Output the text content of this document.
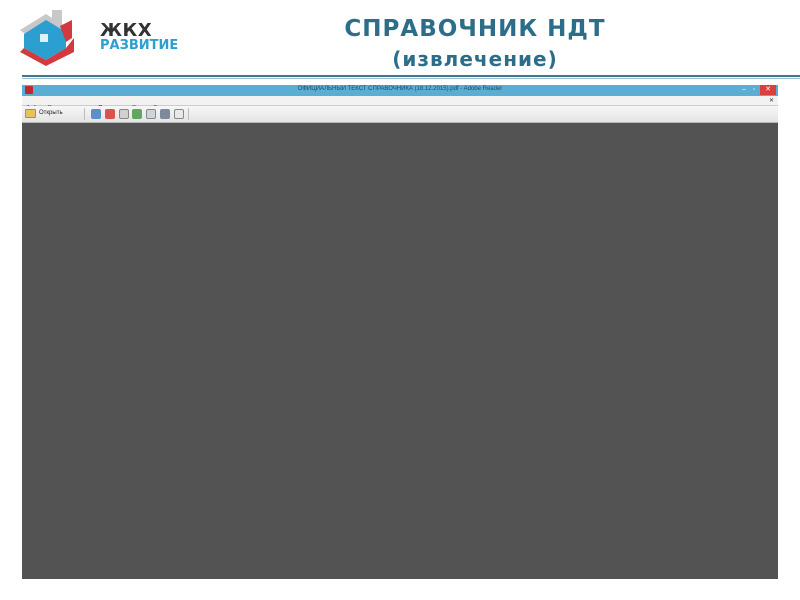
ЖКХ
РАЗВИТИЕ
СПРАВОЧНИК НДТ
(извлечение)
ОФИЦИАЛЬНЫЙ ТЕКСТ СПРАВОЧНИКА (18.12.2015).pdf - Adobe Reader	–	▫	✕

✕
Открыть
